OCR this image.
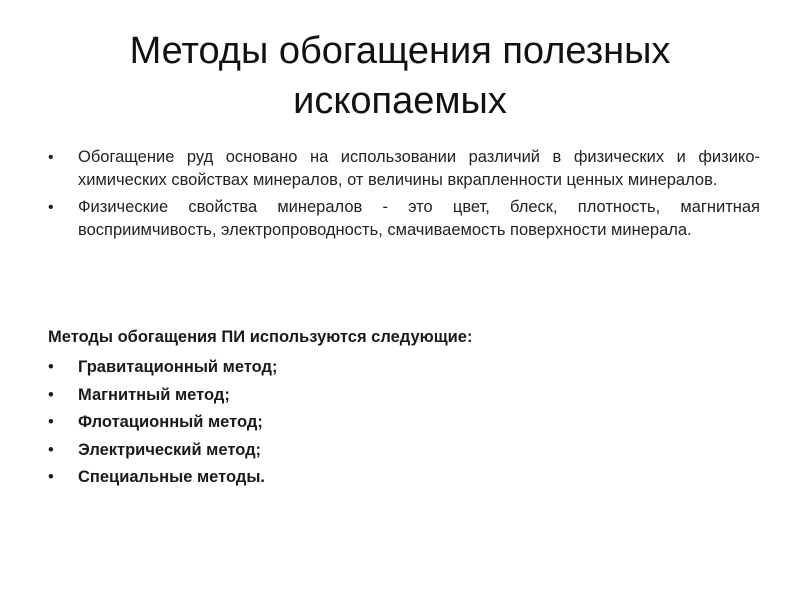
Методы обогащения полезных ископаемых
• Обогащение руд основано на использовании различий в физических и физико-химических свойствах минералов, от величины вкрапленности ценных минералов.
• Физические свойства минералов - это цвет, блеск, плотность, магнитная восприимчивость, электропроводность, смачиваемость поверхности минерала.

Методы обогащения ПИ используются следующие:

• Гравитационный метод;
• Магнитный метод;
• Флотационный метод;
• Электрический метод;
• Специальные методы.
